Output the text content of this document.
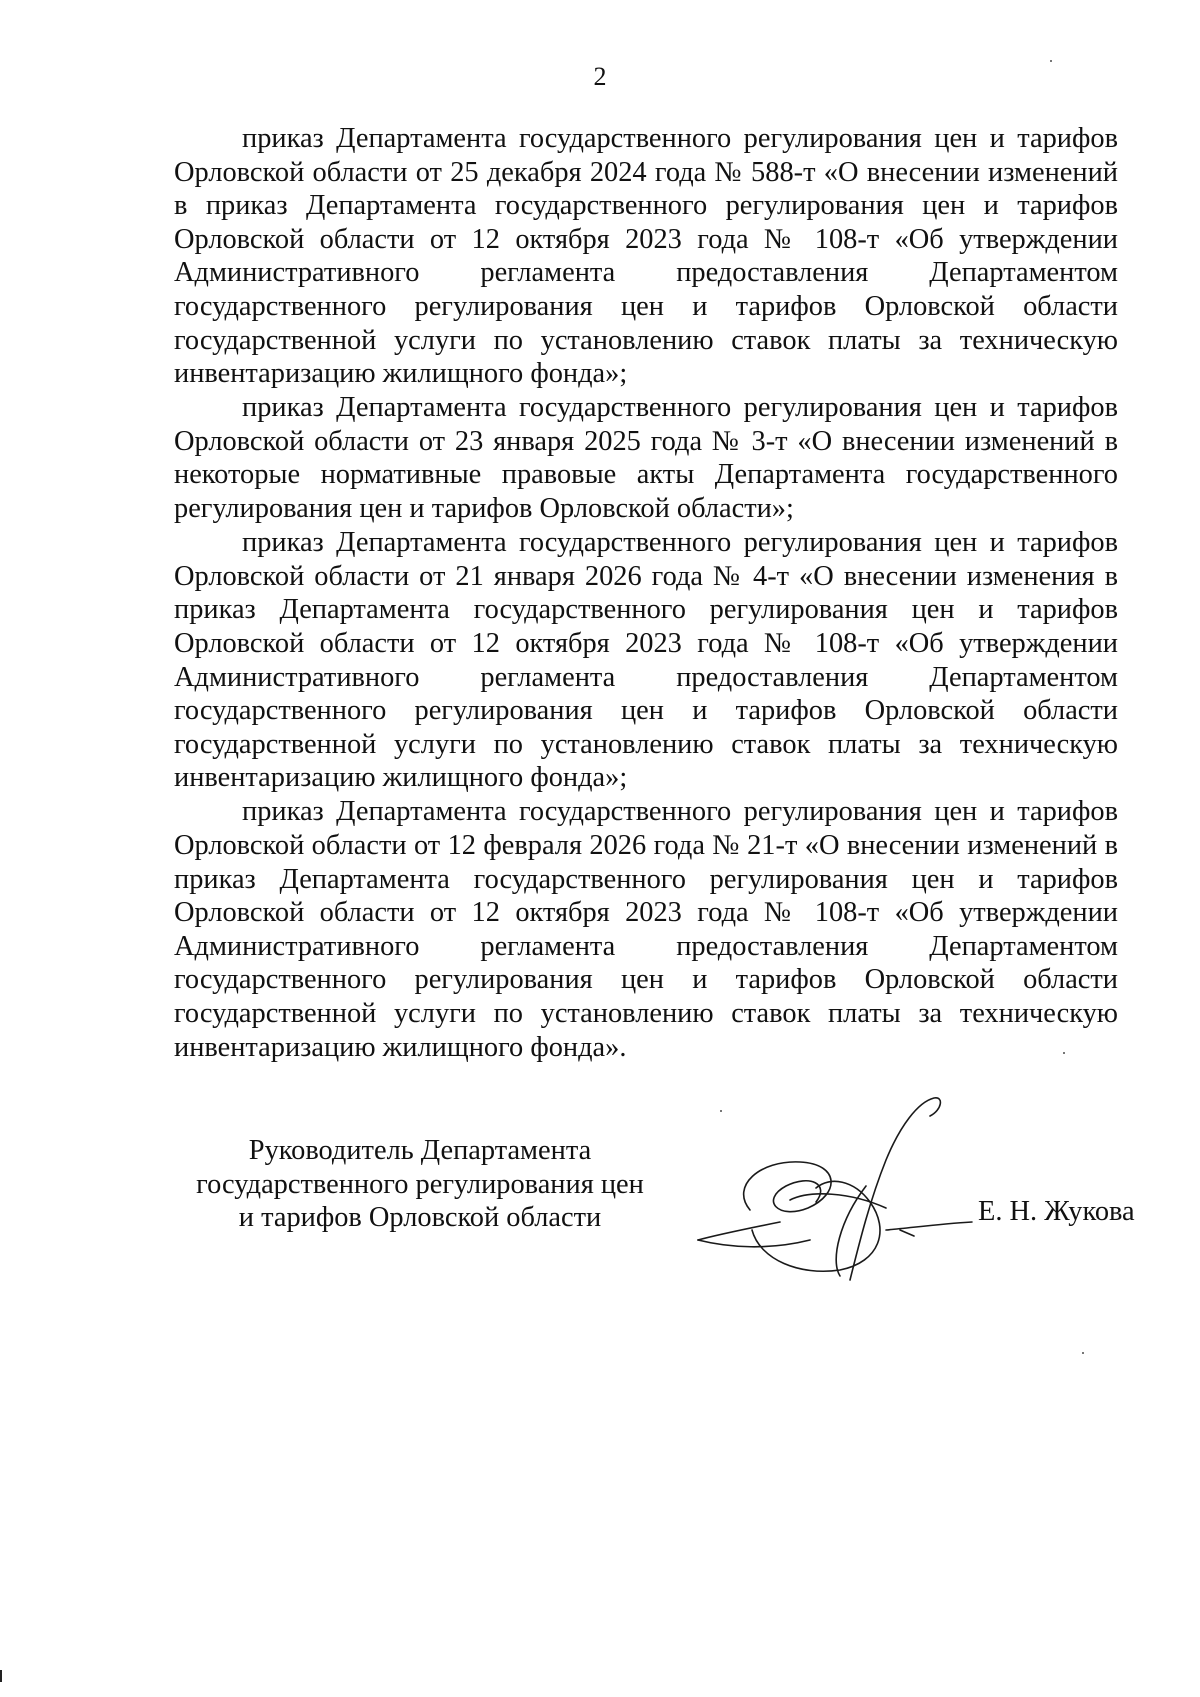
2

приказ Департамента государственного регулирования цен и тарифов Орловской области от 25 декабря 2024 года № 588-т «О внесении изменений в приказ Департамента государственного регулирования цен и тарифов Орловской области от 12 октября 2023 года № 108-т «Об утверждении Административного регламента предоставления Департаментом государственного регулирования цен и тарифов Орловской области государственной услуги по установлению ставок платы за техническую инвентаризацию жилищного фонда»;

приказ Департамента государственного регулирования цен и тарифов Орловской области от 23 января 2025 года № 3-т «О внесении изменений в некоторые нормативные правовые акты Департамента государственного регулирования цен и тарифов Орловской области»;

приказ Департамента государственного регулирования цен и тарифов Орловской области от 21 января 2026 года № 4-т «О внесении изменения в приказ Департамента государственного регулирования цен и тарифов Орловской области от 12 октября 2023 года № 108-т «Об утверждении Административного регламента предоставления Департаментом государственного регулирования цен и тарифов Орловской области государственной услуги по установлению ставок платы за техническую инвентаризацию жилищного фонда»;

приказ Департамента государственного регулирования цен и тарифов Орловской области от 12 февраля 2026 года № 21-т «О внесении изменений в приказ Департамента государственного регулирования цен и тарифов Орловской области от 12 октября 2023 года № 108-т «Об утверждении Административного регламента предоставления Департаментом государственного регулирования цен и тарифов Орловской области государственной услуги по установлению ставок платы за техническую инвентаризацию жилищного фонда».

Руководитель Департамента
государственного регулирования цен
и тарифов Орловской области	Е. Н. Жукова
